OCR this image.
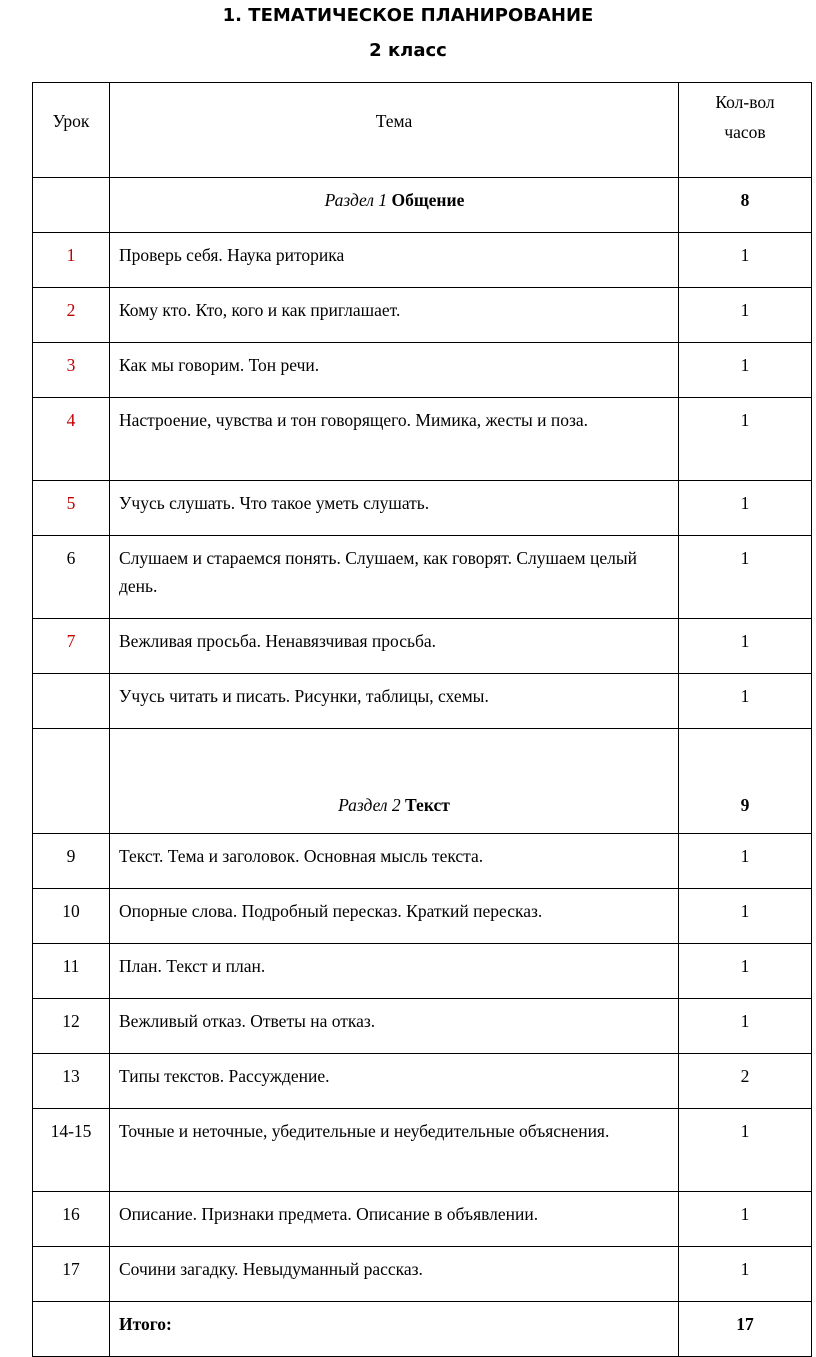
1. ТЕМАТИЧЕСКОЕ ПЛАНИРОВАНИЕ
2 класс
Урок	Тема	Кол-вол
часов
	Раздел 1 Общение	8
1	Проверь себя. Наука риторика	1
2	Кому кто. Кто, кого и как приглашает.	1
3	Как мы говорим. Тон речи.	1
4	Настроение, чувства и тон говорящего. Мимика, жесты и поза.	1
5	Учусь слушать. Что такое уметь слушать.	1
6	Слушаем и стараемся понять. Слушаем, как говорят. Слушаем целый день.	1
7	Вежливая просьба. Ненавязчивая просьба.	1
	Учусь читать и писать. Рисунки, таблицы, схемы.	1
	Раздел 2 Текст	9
9	Текст. Тема и заголовок. Основная мысль текста.	1
10	Опорные слова. Подробный пересказ. Краткий пересказ.	1
11	План. Текст и план.	1
12	Вежливый отказ. Ответы на отказ.	1
13	Типы текстов. Рассуждение.	2
14-15	Точные и неточные, убедительные и неубедительные объяснения.	1
16	Описание. Признаки предмета. Описание в объявлении.	1
17	Сочини загадку. Невыдуманный рассказ.	1
	Итого:	17
